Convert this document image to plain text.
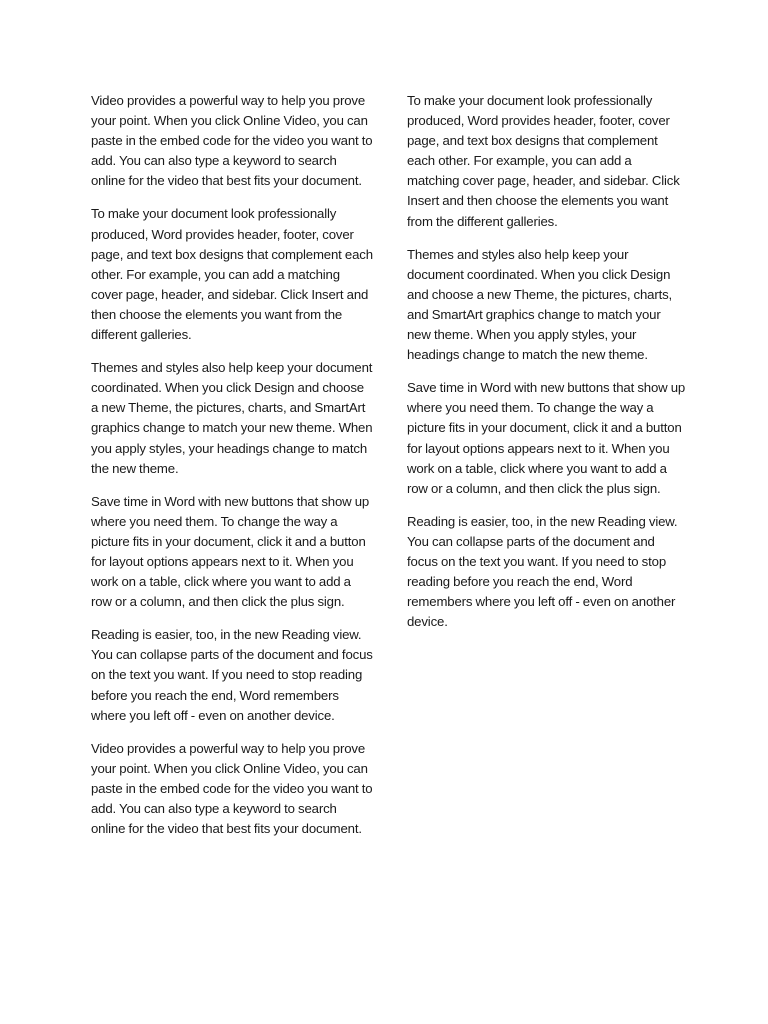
Video provides a powerful way to help you prove your point. When you click Online Video, you can paste in the embed code for the video you want to add. You can also type a keyword to search online for the video that best fits your document.

To make your document look professionally produced, Word provides header, footer, cover page, and text box designs that complement each other. For example, you can add a matching cover page, header, and sidebar. Click Insert and then choose the elements you want from the different galleries.

Themes and styles also help keep your document coordinated. When you click Design and choose a new Theme, the pictures, charts, and SmartArt graphics change to match your new theme. When you apply styles, your headings change to match the new theme.

Save time in Word with new buttons that show up where you need them. To change the way a picture fits in your document, click it and a button for layout options appears next to it. When you work on a table, click where you want to add a row or a column, and then click the plus sign.

Reading is easier, too, in the new Reading view. You can collapse parts of the document and focus on the text you want. If you need to stop reading before you reach the end, Word remembers where you left off - even on another device.

Video provides a powerful way to help you prove your point. When you click Online Video, you can paste in the embed code for the video you want to add. You can also type a keyword to search online for the video that best fits your document.

To make your document look professionally produced, Word provides header, footer, cover page, and text box designs that complement each other. For example, you can add a matching cover page, header, and sidebar. Click Insert and then choose the elements you want from the different galleries.

Themes and styles also help keep your document coordinated. When you click Design and choose a new Theme, the pictures, charts, and SmartArt graphics change to match your new theme. When you apply styles, your headings change to match the new theme.

Save time in Word with new buttons that show up where you need them. To change the way a picture fits in your document, click it and a button for layout options appears next to it. When you work on a table, click where you want to add a row or a column, and then click the plus sign.

Reading is easier, too, in the new Reading view. You can collapse parts of the document and focus on the text you want. If you need to stop reading before you reach the end, Word remembers where you left off - even on another device.
